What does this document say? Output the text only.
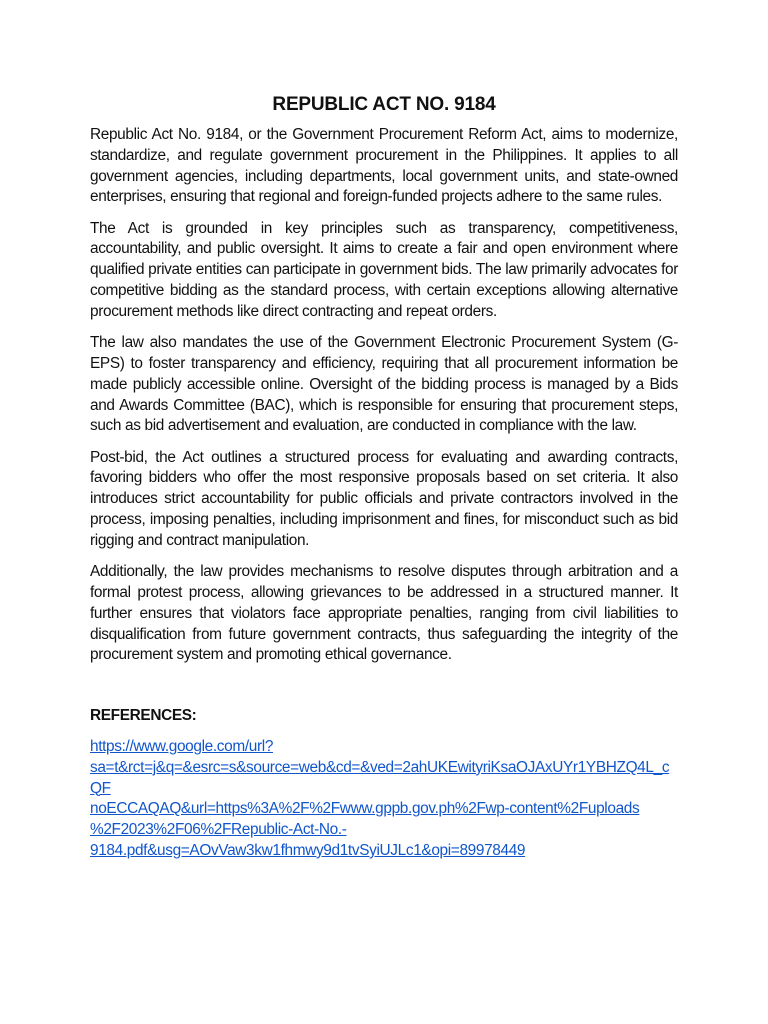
REPUBLIC ACT NO. 9184

Republic Act No. 9184, or the Government Procurement Reform Act, aims to modernize, standardize, and regulate government procurement in the Philippines. It applies to all government agencies, including departments, local government units, and state-owned enterprises, ensuring that regional and foreign-funded projects adhere to the same rules.

The Act is grounded in key principles such as transparency, competitiveness, accountability, and public oversight. It aims to create a fair and open environment where qualified private entities can participate in government bids. The law primarily advocates for competitive bidding as the standard process, with certain exceptions allowing alternative procurement methods like direct contracting and repeat orders.

The law also mandates the use of the Government Electronic Procurement System (G-EPS) to foster transparency and efficiency, requiring that all procurement information be made publicly accessible online. Oversight of the bidding process is managed by a Bids and Awards Committee (BAC), which is responsible for ensuring that procurement steps, such as bid advertisement and evaluation, are conducted in compliance with the law.

Post-bid, the Act outlines a structured process for evaluating and awarding contracts, favoring bidders who offer the most responsive proposals based on set criteria. It also introduces strict accountability for public officials and private contractors involved in the process, imposing penalties, including imprisonment and fines, for misconduct such as bid rigging and contract manipulation.

Additionally, the law provides mechanisms to resolve disputes through arbitration and a formal protest process, allowing grievances to be addressed in a structured manner. It further ensures that violators face appropriate penalties, ranging from civil liabilities to disqualification from future government contracts, thus safeguarding the integrity of the procurement system and promoting ethical governance.

REFERENCES:
https://www.google.com/url?
sa=t&rct=j&q=&esrc=s&source=web&cd=&ved=2ahUKEwityriKsaOJAxUYr1YBHZQ4L_cQF
noECCAQAQ&url=https%3A%2F%2Fwww.gppb.gov.ph%2Fwp-content%2Fuploads
%2F2023%2F06%2FRepublic-Act-No.-
9184.pdf&usg=AOvVaw3kw1fhmwy9d1tvSyiUJLc1&opi=89978449
